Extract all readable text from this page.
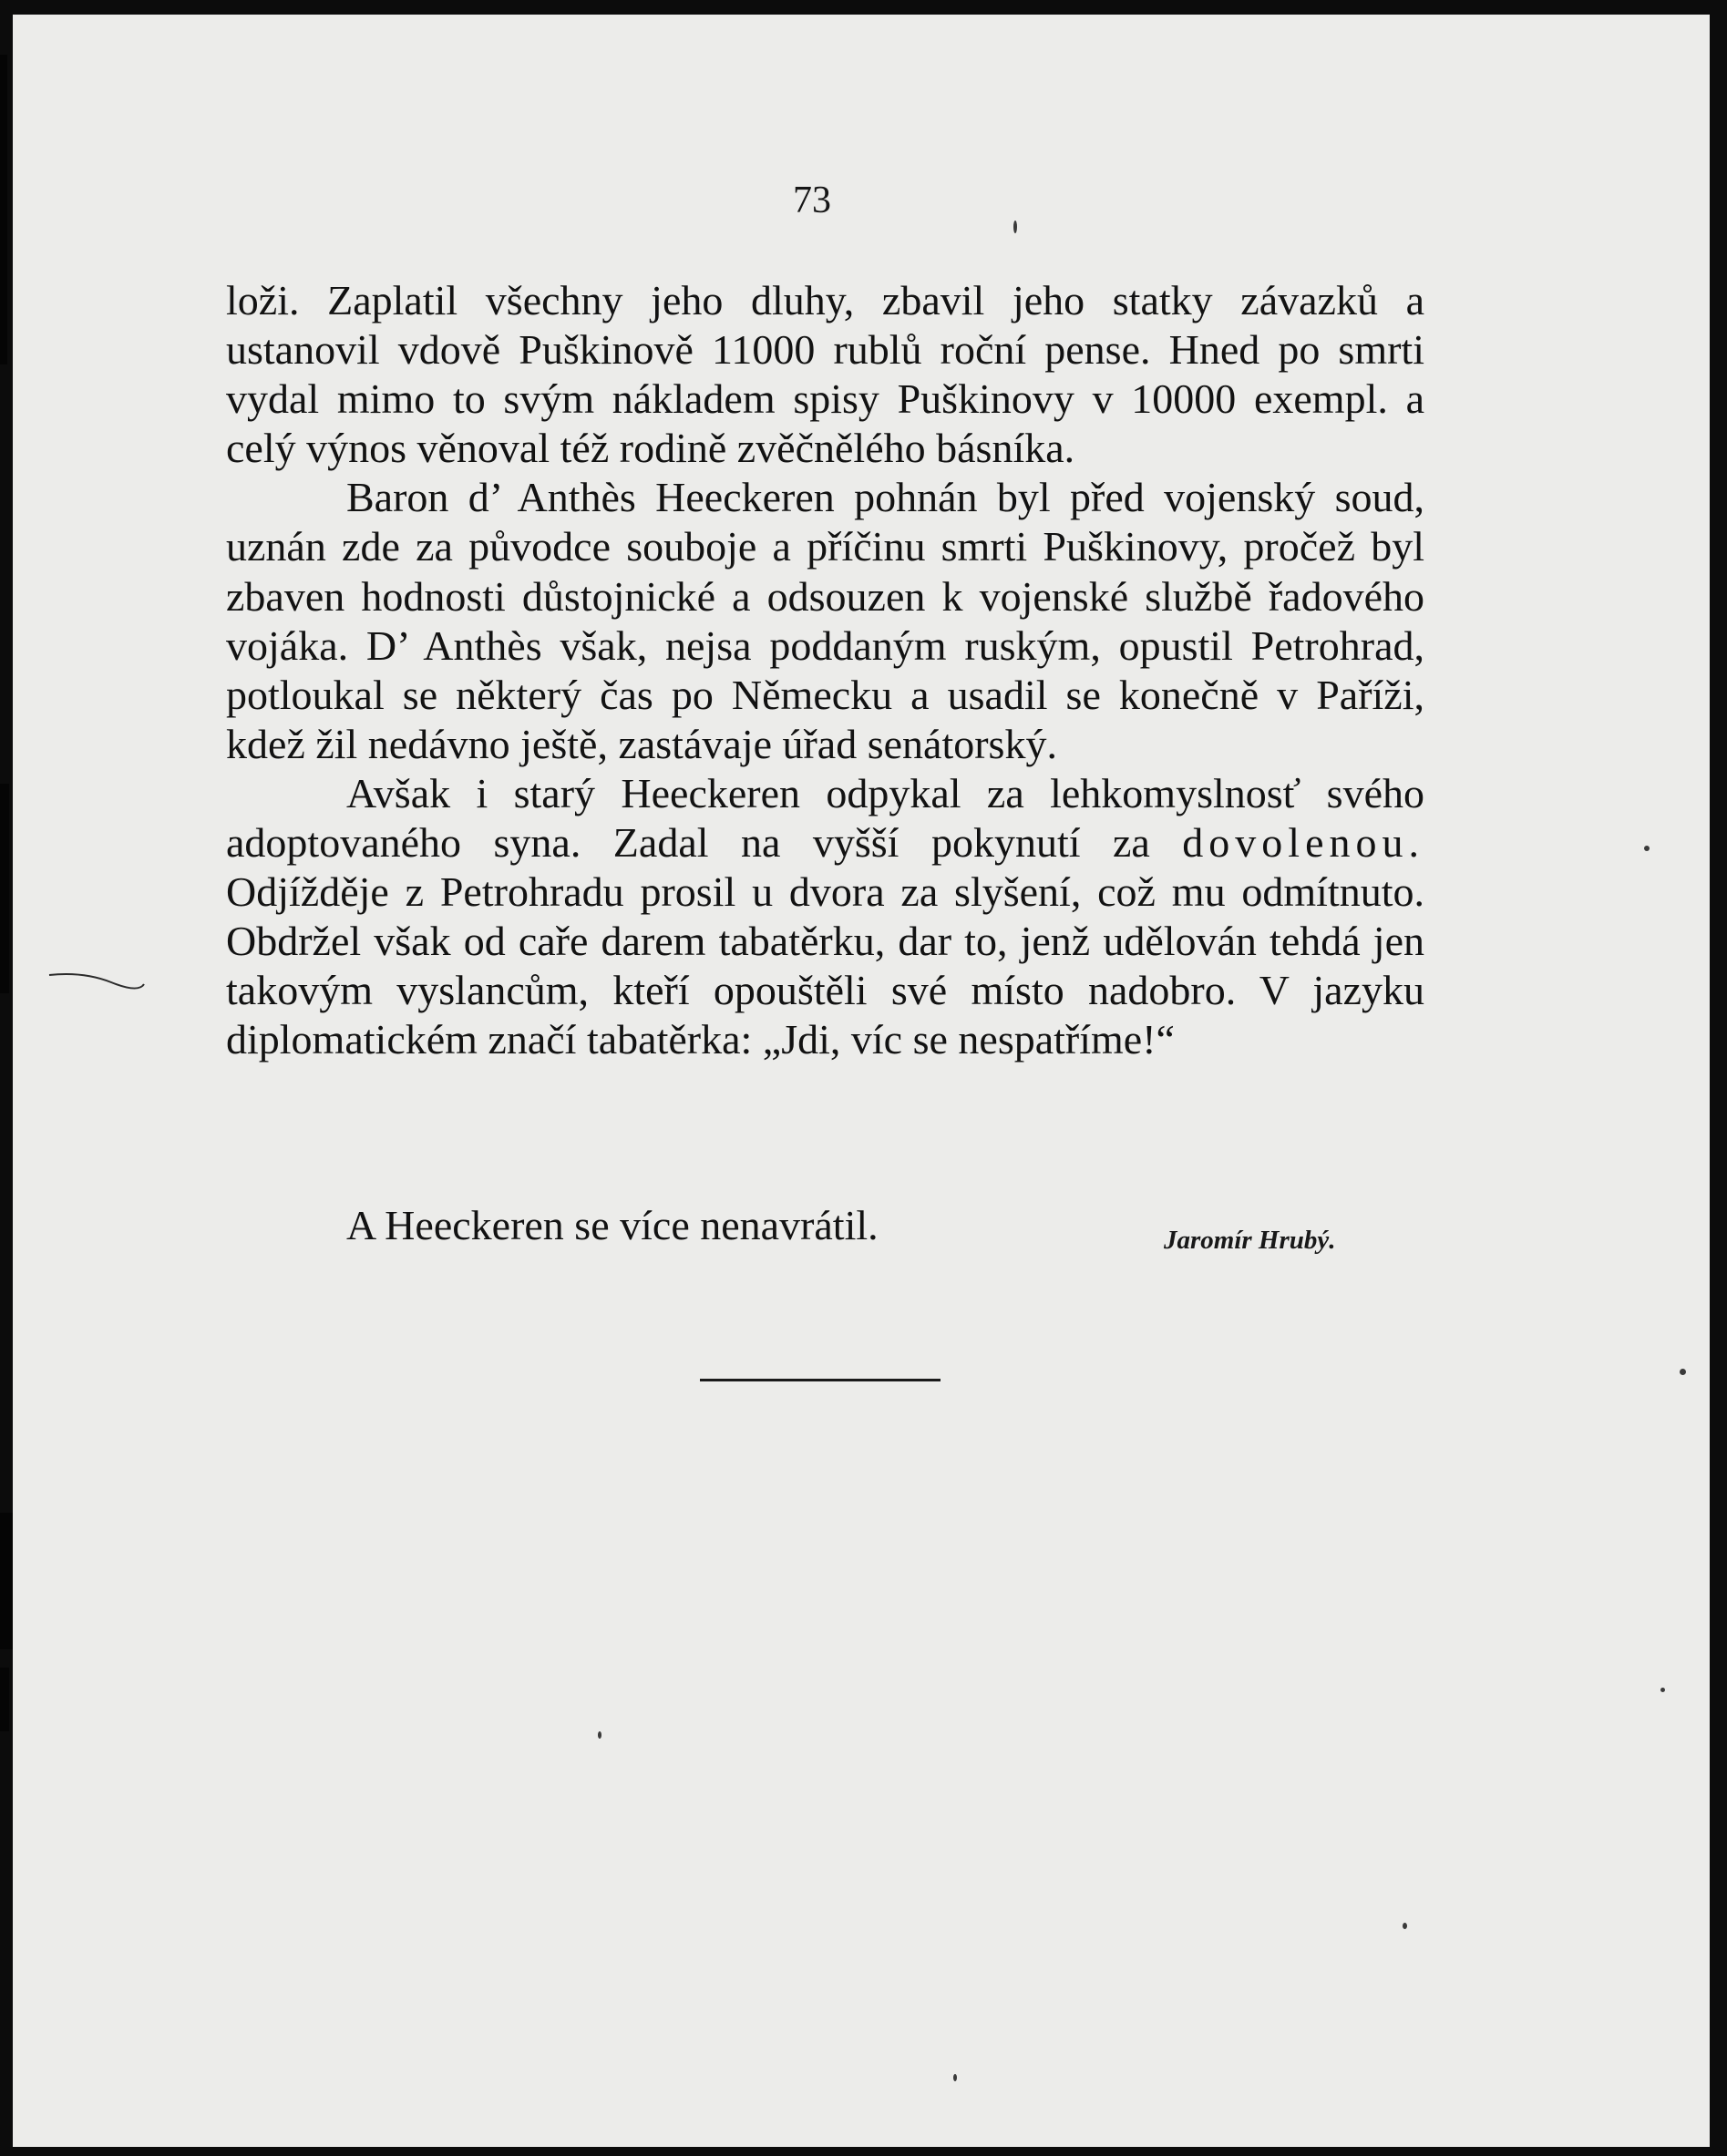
73

loži. Zaplatil všechny jeho dluhy, zbavil jeho statky závazků a ustanovil vdově Puškinově 11000 rublů roční pense. Hned po smrti vydal mimo to svým nákladem spisy Puškinovy v 10000 exempl. a celý výnos věnoval též rodině zvěčnělého básníka.

Baron d’ Anthès Heeckeren pohnán byl před vojenský soud, uznán zde za původce souboje a příčinu smrti Puškinovy, pročež byl zbaven hodnosti důstojnické a odsouzen k vojenské službě řadového vojáka. D’ Anthès však, nejsa poddaným ruským, opustil Petrohrad, potloukal se některý čas po Německu a usadil se konečně v Paříži, kdež žil nedávno ještě, zastávaje úřad senátorský.

Avšak i starý Heeckeren odpykal za lehkomyslnosť svého adoptovaného syna. Zadal na vyšší pokynutí za dovolenou. Odjížděje z Petrohradu prosil u dvora za slyšení, což mu odmítnuto. Obdržel však od caře darem tabatěrku, dar to, jenž udělován tehdá jen takovým vyslancům, kteří opouštěli své místo nadobro. V jazyku diplomatickém značí tabatěrka: „Jdi, víc se nespatříme!“

A Heeckeren se více nenavrátil.	Jaromír Hrubý.
